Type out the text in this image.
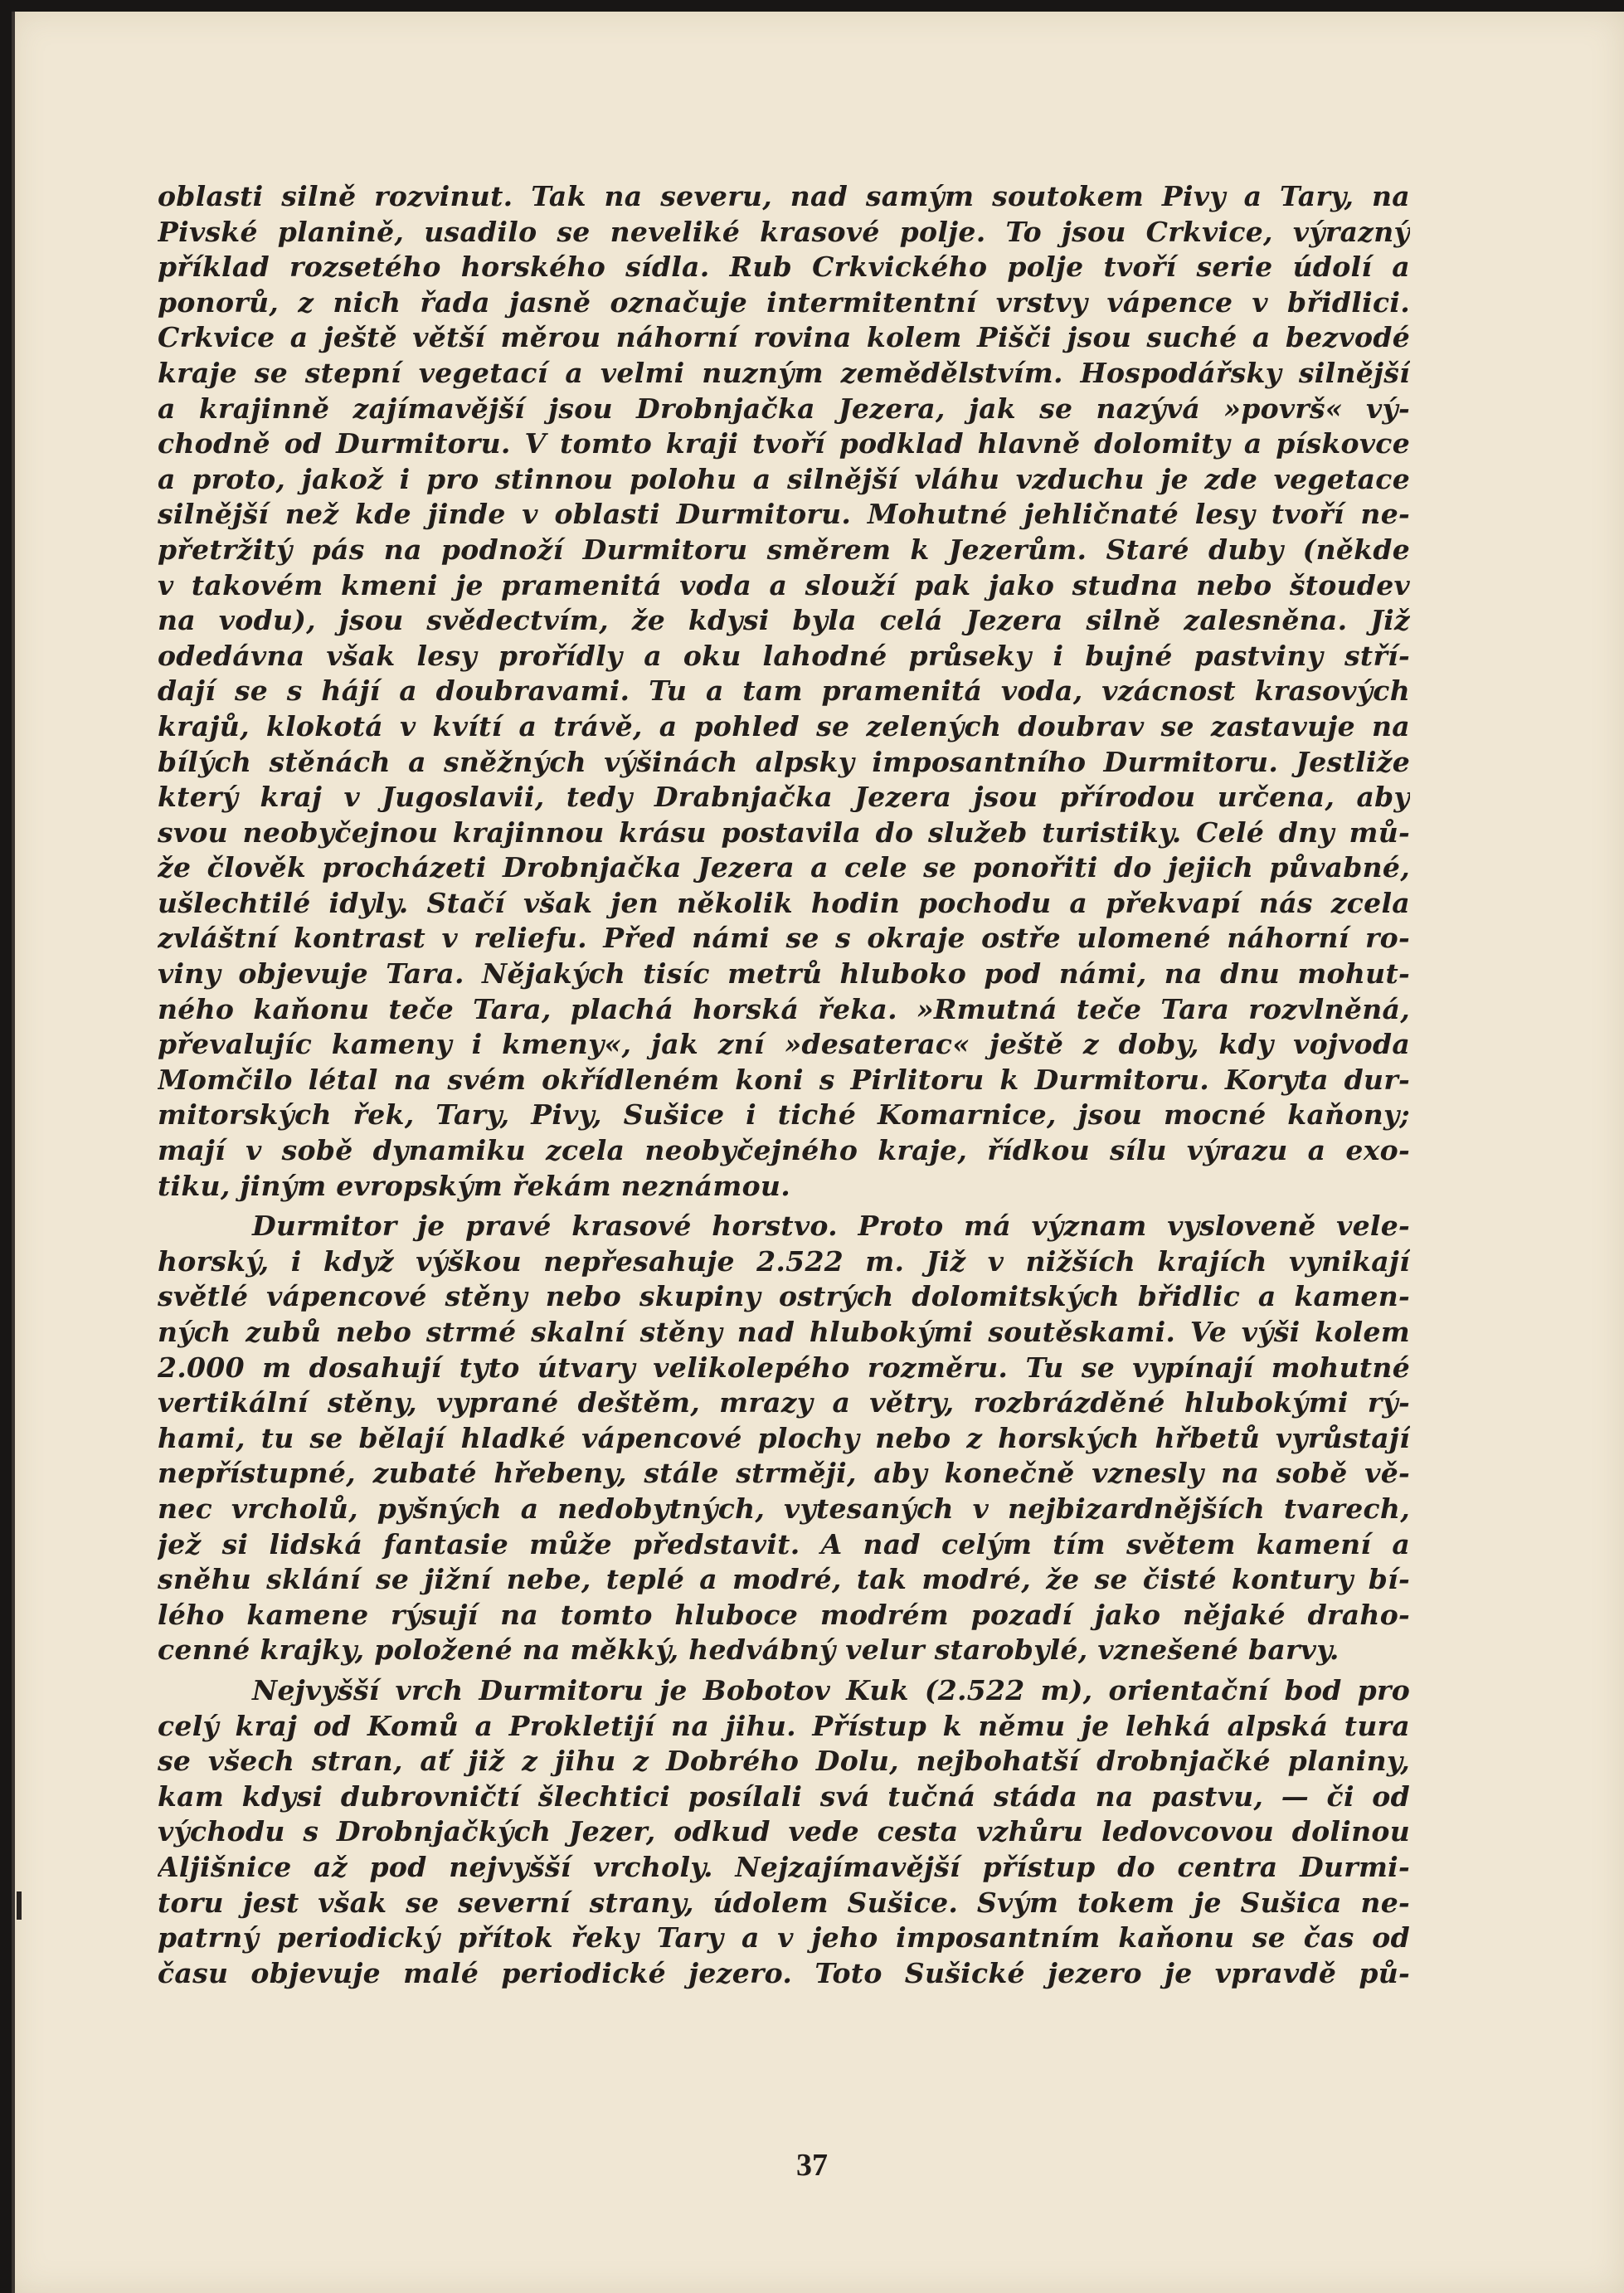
oblasti silně rozvinut. Tak na severu, nad samým soutokem Pivy a Tary, na
Pivské planině, usadilo se neveliké krasové polje. To jsou Crkvice, výrazný
příklad rozsetého horského sídla. Rub Crkvického polje tvoří serie údolí a
ponorů, z nich řada jasně označuje intermitentní vrstvy vápence v břidlici.
Crkvice a ještě větší měrou náhorní rovina kolem Pišči jsou suché a bezvodé
kraje se stepní vegetací a velmi nuzným zemědělstvím. Hospodářsky silnější
a krajinně zajímavější jsou Drobnjačka Jezera, jak se nazývá »površ« vý-
chodně od Durmitoru. V tomto kraji tvoří podklad hlavně dolomity a pískovce
a proto, jakož i pro stinnou polohu a silnější vláhu vzduchu je zde vegetace
silnější než kde jinde v oblasti Durmitoru. Mohutné jehličnaté lesy tvoří ne-
přetržitý pás na podnoží Durmitoru směrem k Jezerům. Staré duby (někde
v takovém kmeni je pramenitá voda a slouží pak jako studna nebo štoudev
na vodu), jsou svědectvím, že kdysi byla celá Jezera silně zalesněna. Již
odedávna však lesy prořídly a oku lahodné průseky i bujné pastviny stří-
dají se s hájí a doubravami. Tu a tam pramenitá voda, vzácnost krasových
krajů, klokotá v kvítí a trávě, a pohled se zelených doubrav se zastavuje na
bílých stěnách a sněžných výšinách alpsky imposantního Durmitoru. Jestliže
který kraj v Jugoslavii, tedy Drabnjačka Jezera jsou přírodou určena, aby
svou neobyčejnou krajinnou krásu postavila do služeb turistiky. Celé dny mů-
že člověk procházeti Drobnjačka Jezera a cele se ponořiti do jejich půvabné,
ušlechtilé idyly. Stačí však jen několik hodin pochodu a překvapí nás zcela
zvláštní kontrast v reliefu. Před námi se s okraje ostře ulomené náhorní ro-
viny objevuje Tara. Nějakých tisíc metrů hluboko pod námi, na dnu mohut-
ného kaňonu teče Tara, plachá horská řeka. »Rmutná teče Tara rozvlněná,
převalujíc kameny i kmeny«, jak zní »desaterac« ještě z doby, kdy vojvoda
Momčilo létal na svém okřídleném koni s Pirlitoru k Durmitoru. Koryta dur-
mitorských řek, Tary, Pivy, Sušice i tiché Komarnice, jsou mocné kaňony;
mají v sobě dynamiku zcela neobyčejného kraje, řídkou sílu výrazu a exo-
tiku, jiným evropským řekám neznámou.
Durmitor je pravé krasové horstvo. Proto má význam vysloveně vele-
horský, i když výškou nepřesahuje 2.522 m. Již v nižších krajích vynikají
světlé vápencové stěny nebo skupiny ostrých dolomitských břidlic a kamen-
ných zubů nebo strmé skalní stěny nad hlubokými soutěskami. Ve výši kolem
2.000 m dosahují tyto útvary velikolepého rozměru. Tu se vypínají mohutné
vertikální stěny, vyprané deštěm, mrazy a větry, rozbrázděné hlubokými rý-
hami, tu se bělají hladké vápencové plochy nebo z horských hřbetů vyrůstají
nepřístupné, zubaté hřebeny, stále strměji, aby konečně vznesly na sobě vě-
nec vrcholů, pyšných a nedobytných, vytesaných v nejbizardnějších tvarech,
jež si lidská fantasie může představit. A nad celým tím světem kamení a
sněhu sklání se jižní nebe, teplé a modré, tak modré, že se čisté kontury bí-
lého kamene rýsují na tomto hluboce modrém pozadí jako nějaké draho-
cenné krajky, položené na měkký, hedvábný velur starobylé, vznešené barvy.
Nejvyšší vrch Durmitoru je Bobotov Kuk (2.522 m), orientační bod pro
celý kraj od Komů a Prokletijí na jihu. Přístup k němu je lehká alpská tura
se všech stran, ať již z jihu z Dobrého Dolu, nejbohatší drobnjačké planiny,
kam kdysi dubrovničtí šlechtici posílali svá tučná stáda na pastvu, — či od
východu s Drobnjačkých Jezer, odkud vede cesta vzhůru ledovcovou dolinou
Aljišnice až pod nejvyšší vrcholy. Nejzajímavější přístup do centra Durmi-
toru jest však se severní strany, údolem Sušice. Svým tokem je Sušica ne-
patrný periodický přítok řeky Tary a v jeho imposantním kaňonu se čas od
času objevuje malé periodické jezero. Toto Sušické jezero je vpravdě pů-
37
